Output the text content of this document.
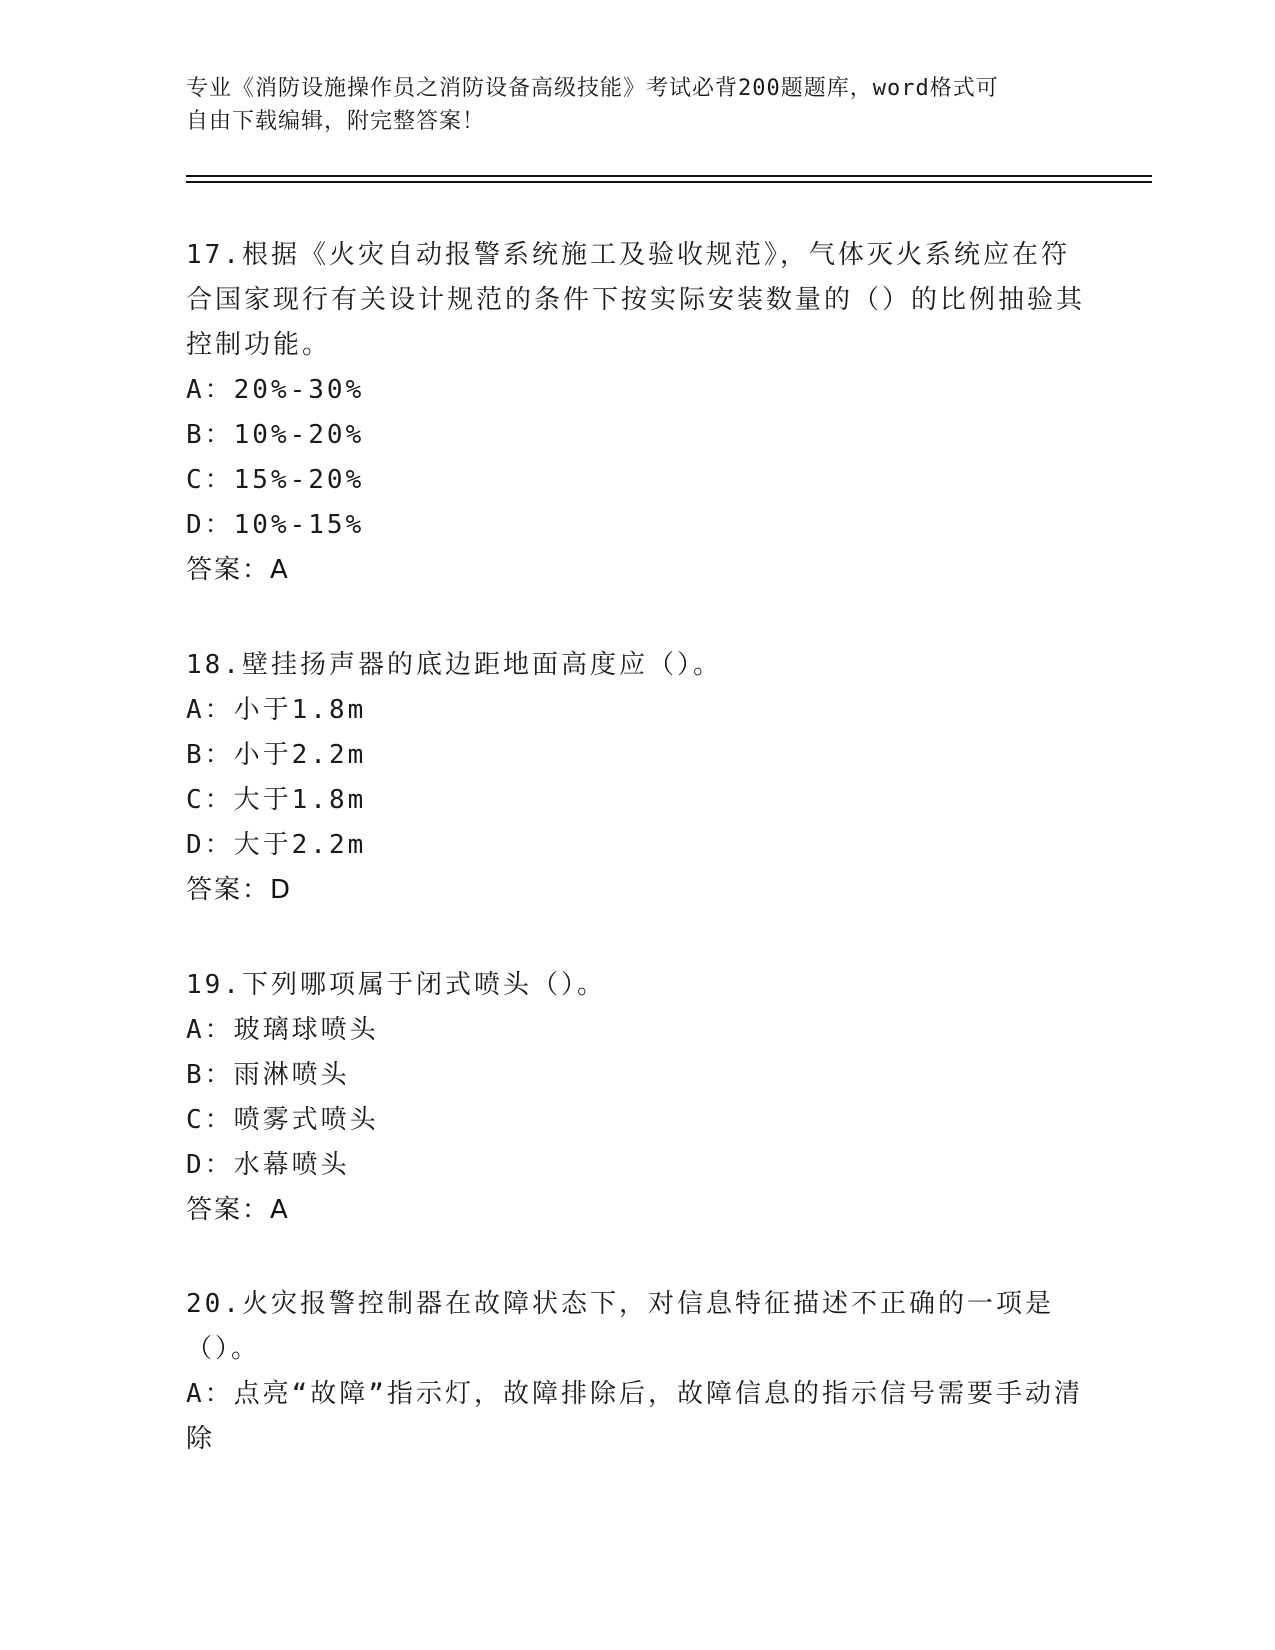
专业《消防设施操作员之消防设备高级技能》考试必背200题题库，word格式可
自由下载编辑，附完整答案！
17.根据《火灾自动报警系统施工及验收规范》，气体灭火系统应在符合国家现行有关设计规范的条件下按实际安装数量的（）的比例抽验其控制功能。
A：20%-30%
B：10%-20%
C：15%-20%
D：10%-15%
答案：A
18.壁挂扬声器的底边距地面高度应（）。
A：小于1.8m
B：小于2.2m
C：大于1.8m
D：大于2.2m
答案：D
19.下列哪项属于闭式喷头（）。
A：玻璃球喷头
B：雨淋喷头
C：喷雾式喷头
D：水幕喷头
答案：A
20.火灾报警控制器在故障状态下，对信息特征描述不正确的一项是（）。
A：点亮“故障”指示灯，故障排除后，故障信息的指示信号需要手动清除
